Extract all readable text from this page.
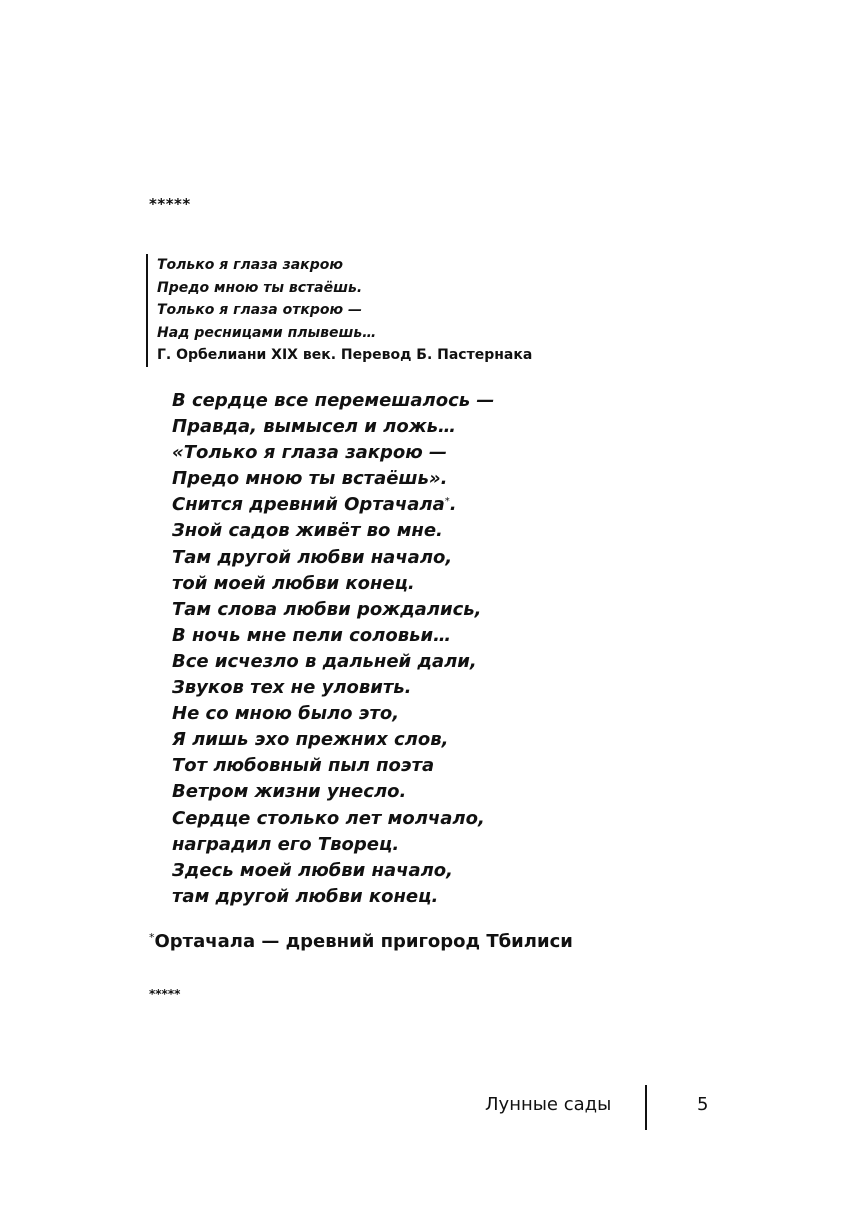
*****
Только я глаза закрою
Предо мною ты встаёшь.
Только я глаза открою —
Над ресницами плывешь…
Г. Орбелиани XIX век. Перевод Б. Пастернака
В сердце все перемешалось —
Правда, вымысел и ложь…
«Только я глаза закрою —
Предо мною ты встаёшь».
Снится древний Ортачала*.
Зной садов живёт во мне.
Там другой любви начало,
той моей любви конец.
Там слова любви рождались,
В ночь мне пели соловьи…
Все исчезло в дальней дали,
Звуков тех не уловить.
Не со мною было это,
Я лишь эхо прежних слов,
Тот любовный пыл поэта
Ветром жизни унесло.
Сердце столько лет молчало,
наградил его Творец.
Здесь моей любви начало,
там другой любви конец.
*Ортачала — древний пригород Тбилиси
*****
Лунные сады	5
